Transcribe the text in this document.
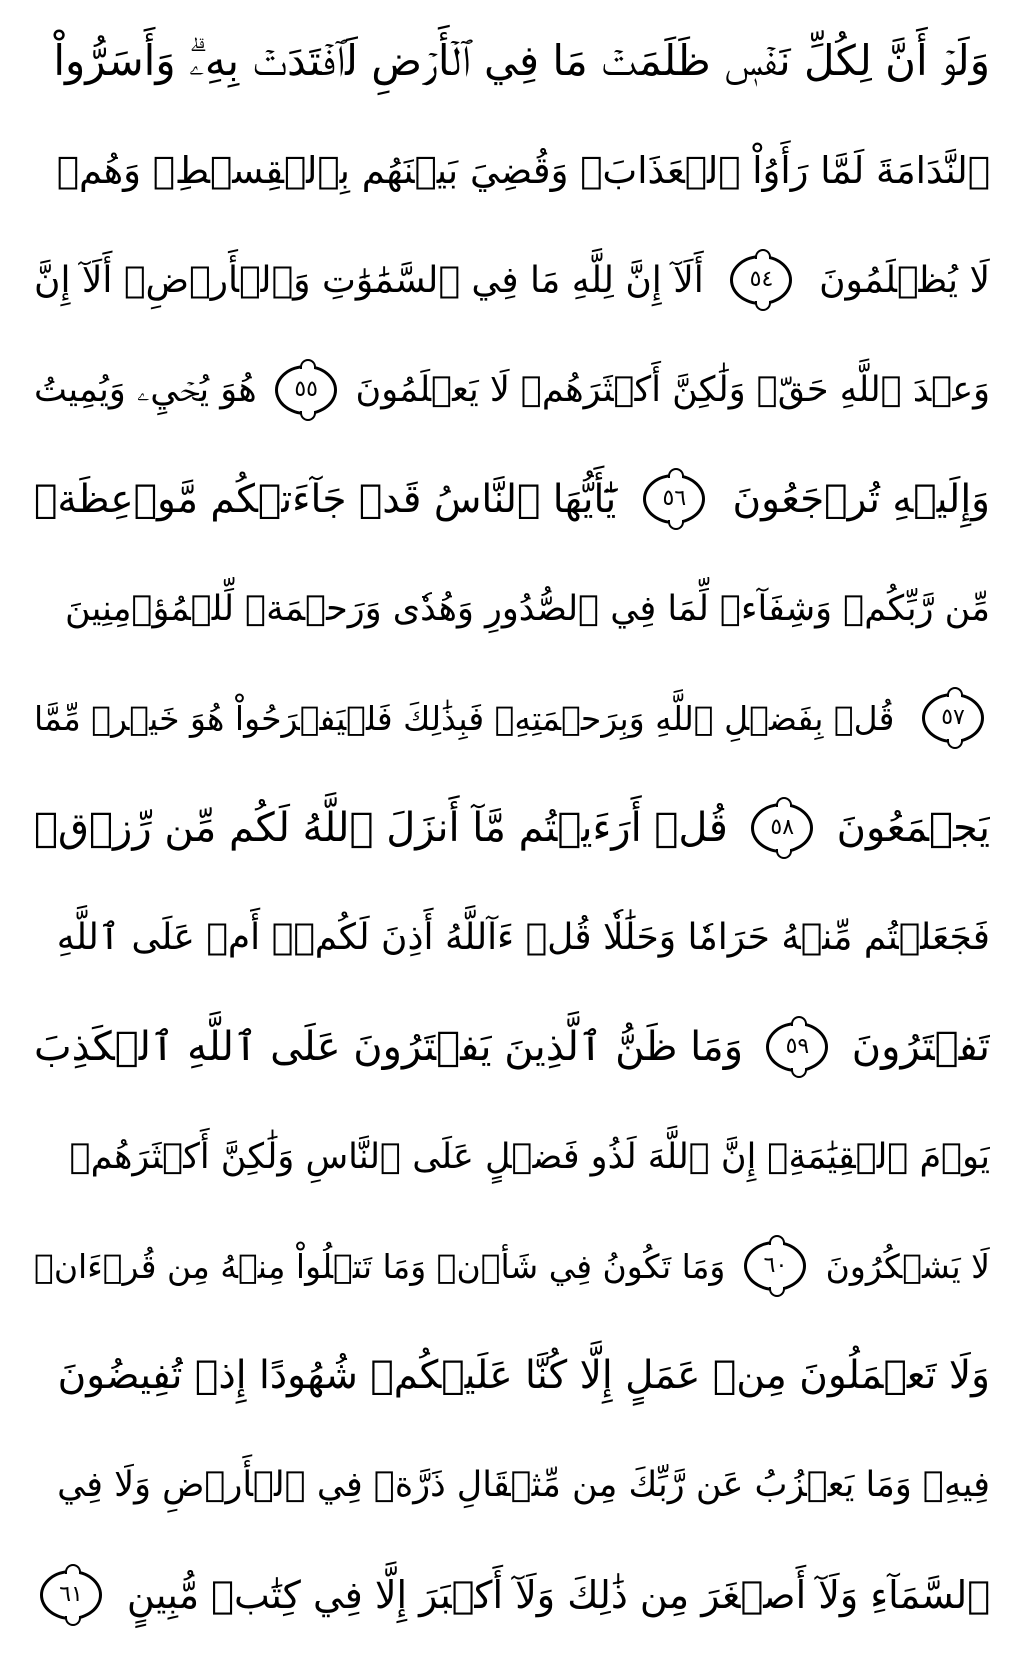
وَلَوۡ أَنَّ لِكُلِّ نَفۡسٖ ظَلَمَتۡ مَا فِي ٱلۡأَرۡضِ لَٱفۡتَدَتۡ بِهِۦۗ وَأَسَرُّواْ
ٱلنَّدَامَةَ لَمَّا رَأَوُاْ ٱلۡعَذَابَۖ وَقُضِيَ بَيۡنَهُم بِٱلۡقِسۡطِۚ وَهُمۡ
لَا يُظۡلَمُونَ
٥٤
أَلَآ إِنَّ لِلَّهِ مَا فِي ٱلسَّمَٰوَٰتِ وَٱلۡأَرۡضِۗ أَلَآ إِنَّ
وَعۡدَ ٱللَّهِ حَقّٞ وَلَٰكِنَّ أَكۡثَرَهُمۡ لَا يَعۡلَمُونَ
٥٥
هُوَ يُحۡيِۦ وَيُمِيتُ
وَإِلَيۡهِ تُرۡجَعُونَ
٥٦
يَٰٓأَيُّهَا ٱلنَّاسُ قَدۡ جَآءَتۡكُم مَّوۡعِظَةٞ
مِّن رَّبِّكُمۡ وَشِفَآءٞ لِّمَا فِي ٱلصُّدُورِ وَهُدٗى وَرَحۡمَةٞ لِّلۡمُؤۡمِنِينَ
٥٧
قُلۡ بِفَضۡلِ ٱللَّهِ وَبِرَحۡمَتِهِۦ فَبِذَٰلِكَ فَلۡيَفۡرَحُواْ هُوَ خَيۡرٞ مِّمَّا
يَجۡمَعُونَ
٥٨
قُلۡ أَرَءَيۡتُم مَّآ أَنزَلَ ٱللَّهُ لَكُم مِّن رِّزۡقٖ
فَجَعَلۡتُم مِّنۡهُ حَرَامٗا وَحَلَٰلٗا قُلۡ ءَآللَّهُ أَذِنَ لَكُمۡۖ أَمۡ عَلَى ٱللَّهِ
تَفۡتَرُونَ
٥٩
وَمَا ظَنُّ ٱلَّذِينَ يَفۡتَرُونَ عَلَى ٱللَّهِ ٱلۡكَذِبَ
يَوۡمَ ٱلۡقِيَٰمَةِۗ إِنَّ ٱللَّهَ لَذُو فَضۡلٍ عَلَى ٱلنَّاسِ وَلَٰكِنَّ أَكۡثَرَهُمۡ
لَا يَشۡكُرُونَ
٦٠
وَمَا تَكُونُ فِي شَأۡنٖ وَمَا تَتۡلُواْ مِنۡهُ مِن قُرۡءَانٖ
وَلَا تَعۡمَلُونَ مِنۡ عَمَلٍ إِلَّا كُنَّا عَلَيۡكُمۡ شُهُودًا إِذۡ تُفِيضُونَ
فِيهِۚ وَمَا يَعۡزُبُ عَن رَّبِّكَ مِن مِّثۡقَالِ ذَرَّةٖ فِي ٱلۡأَرۡضِ وَلَا فِي
ٱلسَّمَآءِ وَلَآ أَصۡغَرَ مِن ذَٰلِكَ وَلَآ أَكۡبَرَ إِلَّا فِي كِتَٰبٖ مُّبِينٍ
٦١
